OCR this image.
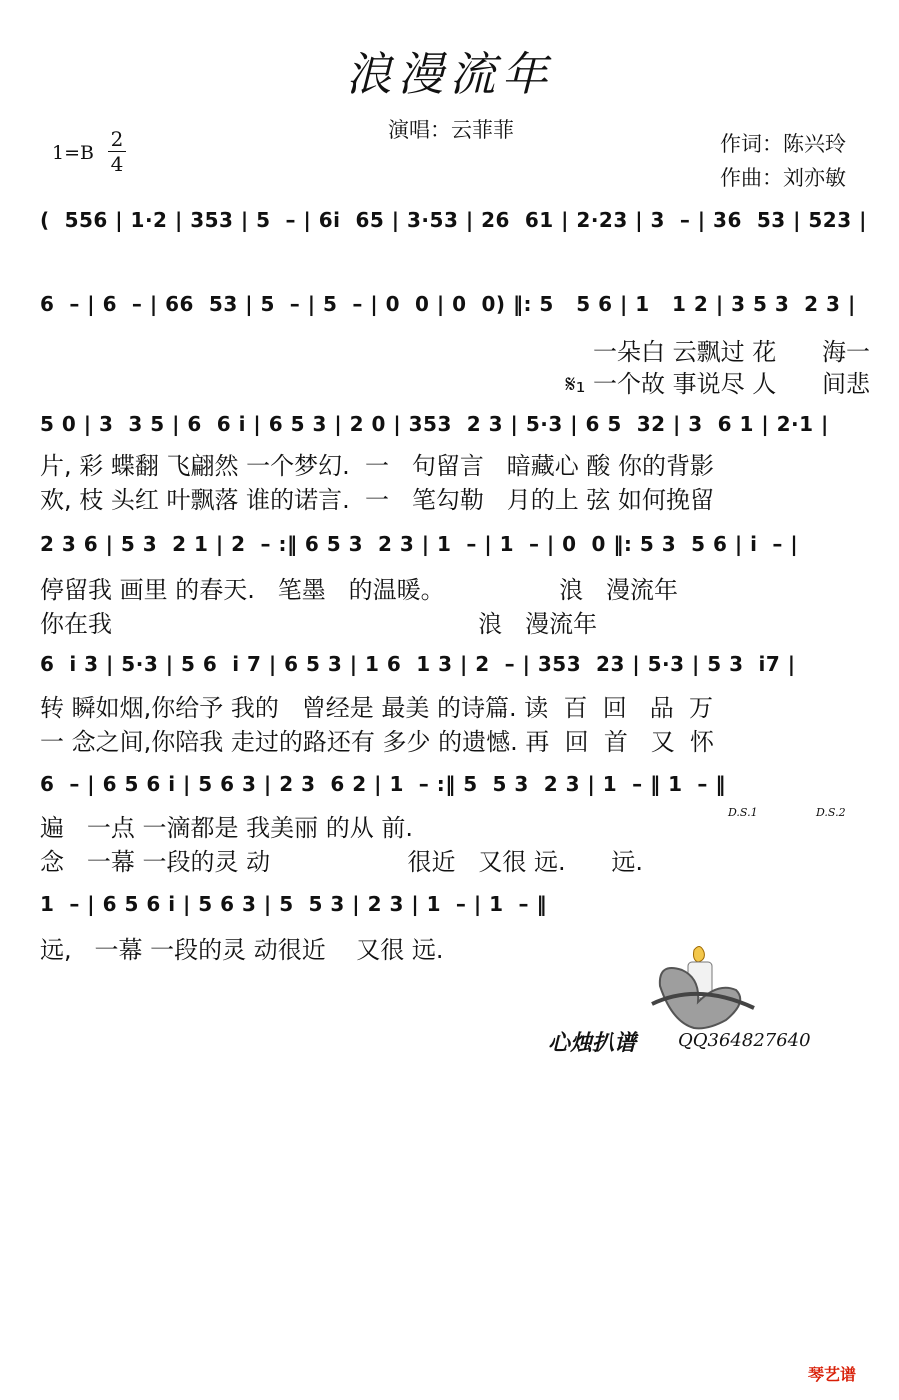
浪漫流年
演唱：云菲菲
作词：陈兴玲
作曲：刘亦敏
1=B
2
4
(  556 | 1·2 | 353 | 5  – | 6i  65 | 3·53 | 26  61 | 2·23 | 3  – | 36  53 | 523 |
6  – | 6  – | 66  53 | 5  – | 5  – | 0  0 | 0  0) ‖: 5   5 6 | 1   1 2 | 3 5 3  2 3 |
一朵白 云飘过 花      海一
𝄋₁ 一个故 事说尽 人      间悲
5 0 | 3  3 5 | 6  6 i | 6 5 3 | 2 0 | 353  2 3 | 5·3 | 6 5  32 | 3  6 1 | 2·1 |
片, 彩 蝶翻 飞翩然 一个梦幻.  一   句留言   暗藏心 酸 你的背影
欢, 枝 头红 叶飘落 谁的诺言.  一   笔勾勒   月的上 弦 如何挽留
2 3 6 | 5 3  2 1 | 2  – :‖ 6 5 3  2 3 | 1  – | 1  – | 0  0 ‖: 5 3  5 6 | i  – |
停留我 画里 的春天.   笔墨   的温暖。               浪   漫流年
你在我                                                浪   漫流年
6  i 3 | 5·3 | 5 6  i 7 | 6 5 3 | 1 6  1 3 | 2  – | 353  23 | 5·3 | 5 3  i7 |
转 瞬如烟,你给予 我的   曾经是 最美 的诗篇. 读  百  回   品  万
一 念之间,你陪我 走过的路还有 多少 的遗憾. 再  回  首   又  怀
6  – | 6 5 6 i | 5 6 3 | 2 3  6 2 | 1  – :‖ 5  5 3  2 3 | 1  – ‖ 1  – ‖
D.S.1	D.S.2
遍   一点 一滴都是 我美丽 的从 前.
念   一幕 一段的灵 动                  很近   又很 远.      远.
1  – | 6 5 6 i | 5 6 3 | 5  5 3 | 2 3 | 1  – | 1  – ‖
远,   一幕 一段的灵 动很近    又很 远.
心烛扒谱 QQ364827640
琴艺谱
